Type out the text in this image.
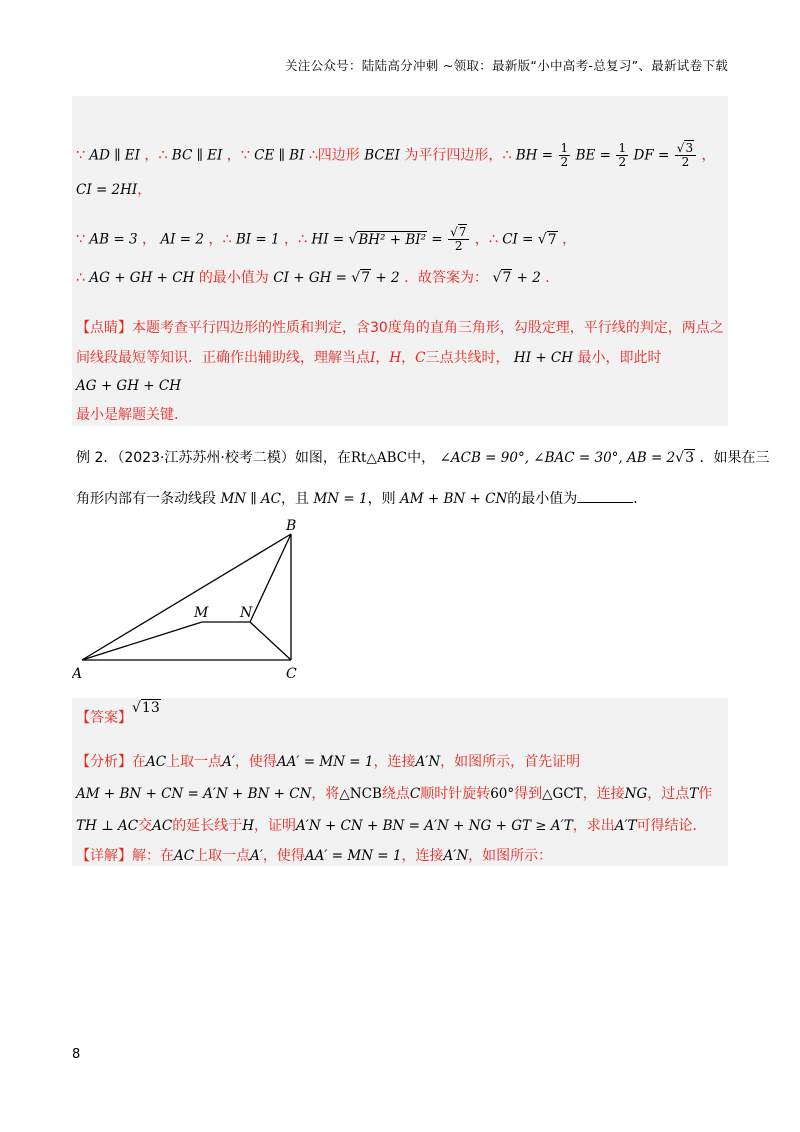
关注公众号：陆陆高分冲刺 ~领取：最新版“小中高考-总复习”、最新试卷下载
∵ AD ∥ EI ，∴ BC ∥ EI ，∵ CE ∥ BI ∴四边形 BCEI 为平行四边形，∴ BH = $\frac{1}{2}$ BE = $\frac{1}{2}$ DF = $\frac{√3}{2}$ ，
CI = 2HI，
∵ AB = 3 ， AI = 2 ，∴ BI = 1 ，∴ HI = $√BH^2 + BI^2 = \frac{√7}{2}$ ，∴ CI = √7 ，
∴ AG + GH + CH 的最小值为 CI + GH = √7 + 2 ．故答案为： √7 + 2 ．
【点睛】本题考查平行四边形的性质和判定，含30度角的直角三角形，勾股定理，平行线的判定，两点之
间线段最短等知识．正确作出辅助线，理解当点I，H，C三点共线时， HI + CH 最小，即此时
AG + GH + CH
最小是解题关键．
例 2．（2023·江苏苏州·校考二模）如图，在Rt△ABC中， ∠ACB = 90°, ∠BAC = 30°, AB = 2√3 ．如果在三
角形内部有一条动线段 MN ∥ AC，且 MN = 1，则 AM + BN + CN的最小值为	．
B
M N
A	C
【答案】√13
【分析】在AC上取一点A′，使得AA′ = MN = 1，连接A′N，如图所示，首先证明
AM + BN + CN = A′N + BN + CN，将△NCB绕点C顺时针旋转60°得到△GCT，连接NG，过点T作
TH ⊥ AC交AC的延长线于H，证明A′N + CN + BN = A′N + NG + GT ≥ A′T，求出A′T可得结论．
【详解】解：在AC上取一点A′，使得AA′ = MN = 1，连接A′N，如图所示：
8
